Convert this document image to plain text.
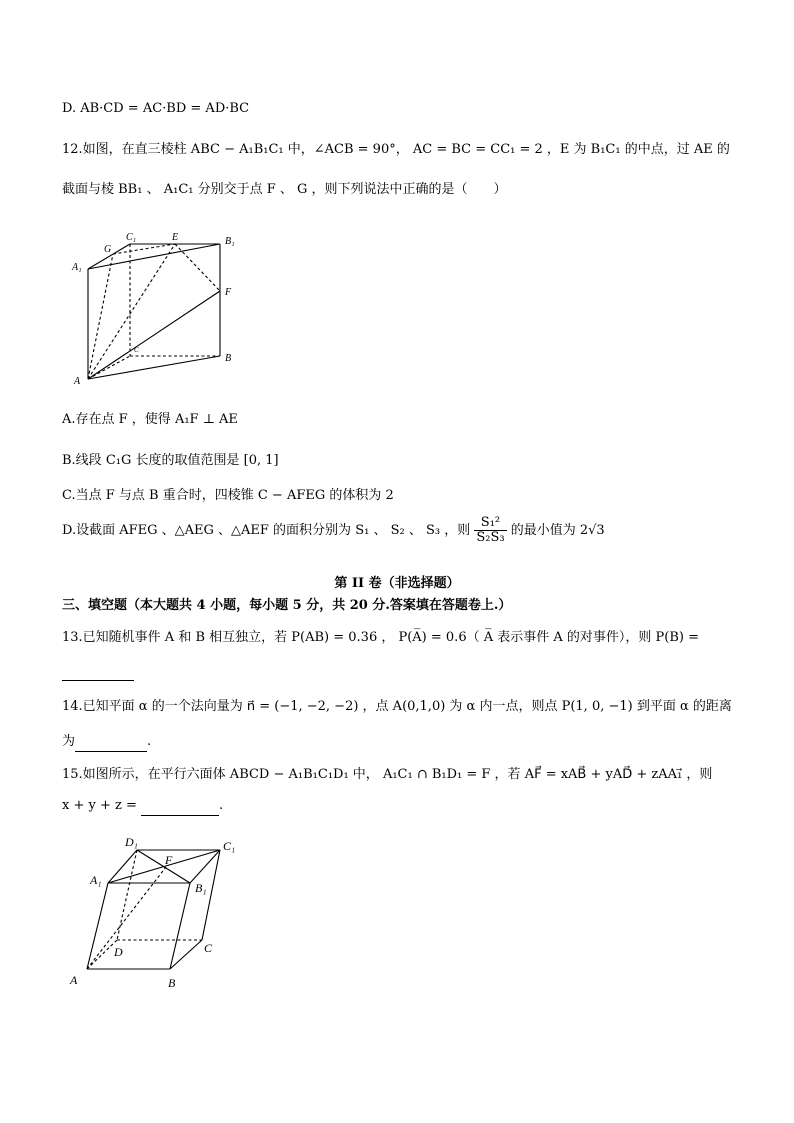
D. AB·CD = AC·BD = AD·BC
12.如图，在直三棱柱 ABC − A₁B₁C₁ 中，∠ACB = 90°， AC = BC = CC₁ = 2 ，E 为 B₁C₁ 的中点，过 AE 的
截面与棱 BB₁ 、 A₁C₁ 分别交于点 F 、 G ，则下列说法中正确的是（　　）
G
C₁	E	B₁
A₁
F
C
B
A
A.存在点 F ，使得 A₁F ⊥ AE
B.线段 C₁G 长度的取值范围是 [0, 1]
C.当点 F 与点 B 重合时，四棱锥 C − AFEG 的体积为 2
D.设截面 AFEG 、△AEG 、△AEF 的面积分别为 S₁ 、 S₂ 、 S₃ ，则 $\frac{\text{S₁²}}{\text{S₂S₃}}$ 的最小值为 2√3
第 II 卷（非选择题）
三、填空题（本大题共 4 小题，每小题 5 分，共 20 分.答案填在答题卷上.）
13.已知随机事件 A 和 B 相互独立，若 P(AB) = 0.36 ， P(A̅) = 0.6（ A̅ 表示事件 A 的对事件），则 P(B) =
14.已知平面 α 的一个法向量为 n⃗ = (−1, −2, −2) ，点 A(0,1,0) 为 α 内一点，则点 P(1, 0, −1) 到平面 α 的距离
为	.
15.如图所示，在平行六面体 ABCD − A₁B₁C₁D₁ 中， A₁C₁ ∩ B₁D₁ = F ，若 AF⃗ = xAB⃗ + yAD⃗ + zAA₁⃗ ，则
x + y + z =	.
D₁	C₁
F
A₁
B₁
D	C
A	B
